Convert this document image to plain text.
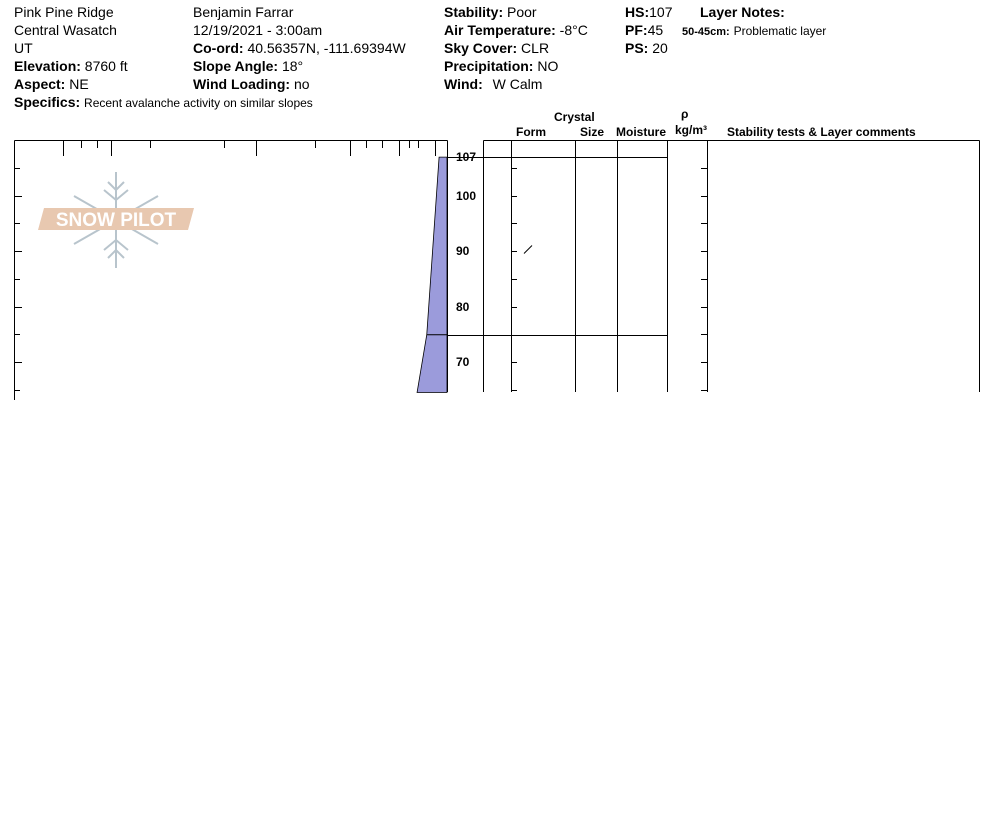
Pink Pine Ridge
Central Wasatch
UT
Elevation: 8760 ft
Aspect: NE
Specifics: Recent avalanche activity on similar slopes
Benjamin Farrar
12/19/2021 - 3:00am
Co-ord: 40.56357N, -111.69394W
Slope Angle: 18°
Wind Loading: no
Stability: Poor
Air Temperature: -8°C
Sky Cover: CLR
Precipitation: NO
Wind: W Calm
HS:107
PF:45
PS: 20
Layer Notes:
50-45cm: Problematic layer
Crystal
Form	Size Moisture
ρ
kg/m³ Stability tests & Layer comments
107
100
90
80
70
SNOW PILOT
